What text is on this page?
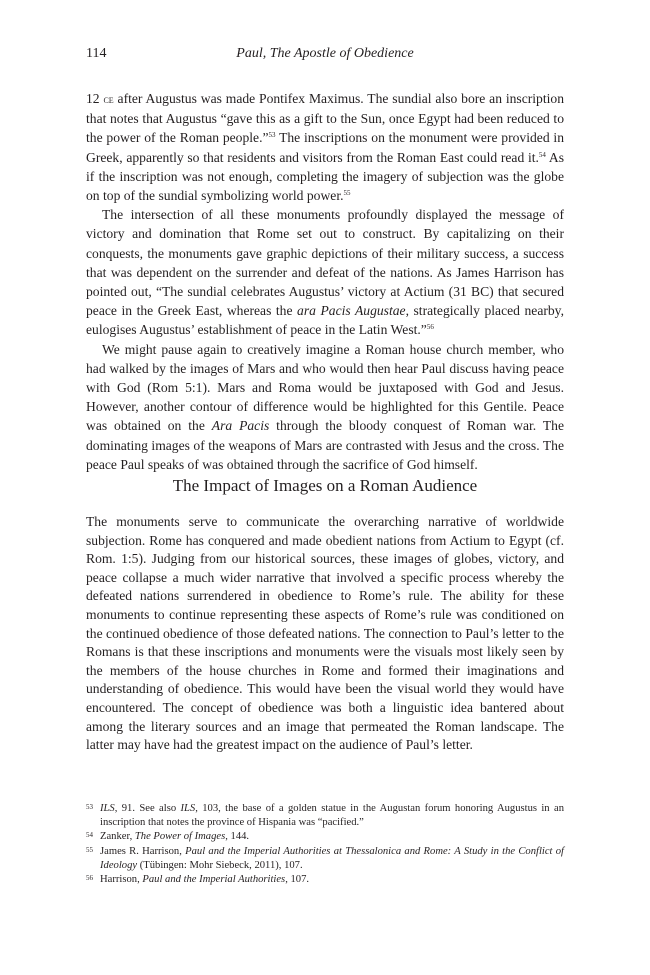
114	Paul, The Apostle of Obedience

12 ce after Augustus was made Pontifex Maximus. The sundial also bore an inscription that notes that Augustus “gave this as a gift to the Sun, once Egypt had been reduced to the power of the Roman people.”$^{53}$ The inscriptions on the monument were provided in Greek, apparently so that residents and visitors from the Roman East could read it.$^{54}$ As if the inscription was not enough, completing the imagery of subjection was the globe on top of the sundial symbolizing world power.$^{55}$

The intersection of all these monuments profoundly displayed the message of victory and domination that Rome set out to construct. By capitalizing on their conquests, the monuments gave graphic depictions of their military success, a success that was dependent on the surrender and defeat of the nations. As James Harrison has pointed out, “The sundial celebrates Augustus’ victory at Actium (31 BC) that secured peace in the Greek East, whereas the ara Pacis Augustae, strategically placed nearby, eulogises Augustus’ establishment of peace in the Latin West.”$^{56}$

We might pause again to creatively imagine a Roman house church member, who had walked by the images of Mars and who would then hear Paul discuss having peace with God (Rom 5:1). Mars and Roma would be juxtaposed with God and Jesus. However, another contour of difference would be highlighted for this Gentile. Peace was obtained on the Ara Pacis through the bloody conquest of Roman war. The dominating images of the weapons of Mars are contrasted with Jesus and the cross. The peace Paul speaks of was obtained through the sacrifice of God himself.

The Impact of Images on a Roman Audience

The monuments serve to communicate the overarching narrative of worldwide subjection. Rome has conquered and made obedient nations from Actium to Egypt (cf. Rom. 1:5). Judging from our historical sources, these images of globes, victory, and peace collapse a much wider narrative that involved a specific process whereby the defeated nations surrendered in obedience to Rome’s rule. The ability for these monuments to continue representing these aspects of Rome’s rule was conditioned on the continued obedience of those defeated nations. The connection to Paul’s letter to the Romans is that these inscriptions and monuments were the visuals most likely seen by the members of the house churches in Rome and formed their imaginations and understanding of obedience. This would have been the visual world they would have encountered. The concept of obedience was both a linguistic idea bantered about among the literary sources and an image that permeated the Roman landscape. The latter may have had the greatest impact on the audience of Paul’s letter.

53 ILS, 91. See also ILS, 103, the base of a golden statue in the Augustan forum honoring Augustus in an inscription that notes the province of Hispania was “pacified.”
54 Zanker, The Power of Images, 144.
55 James R. Harrison, Paul and the Imperial Authorities at Thessalonica and Rome: A Study in the Conflict of Ideology (Tübingen: Mohr Siebeck, 2011), 107.
56 Harrison, Paul and the Imperial Authorities, 107.
